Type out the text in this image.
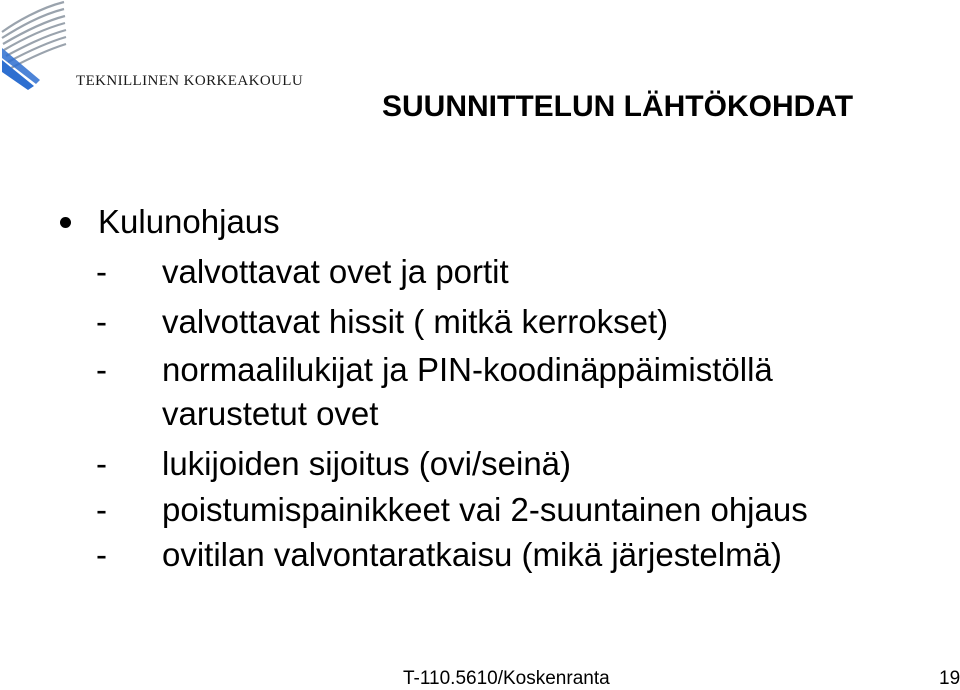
TEKNILLINEN KORKEAKOULU
SUUNNITTELUN LÄHTÖKOHDAT
Kulunohjaus
- valvottavat ovet ja portit
- valvottavat hissit ( mitkä kerrokset)
- normaalilukijat ja PIN-koodinäppäimistöllä
varustetut ovet
- lukijoiden sijoitus (ovi/seinä)
- poistumispainikkeet vai 2-suuntainen ohjaus
- ovitilan valvontaratkaisu (mikä järjestelmä)
T-110.5610/Koskenranta	19
